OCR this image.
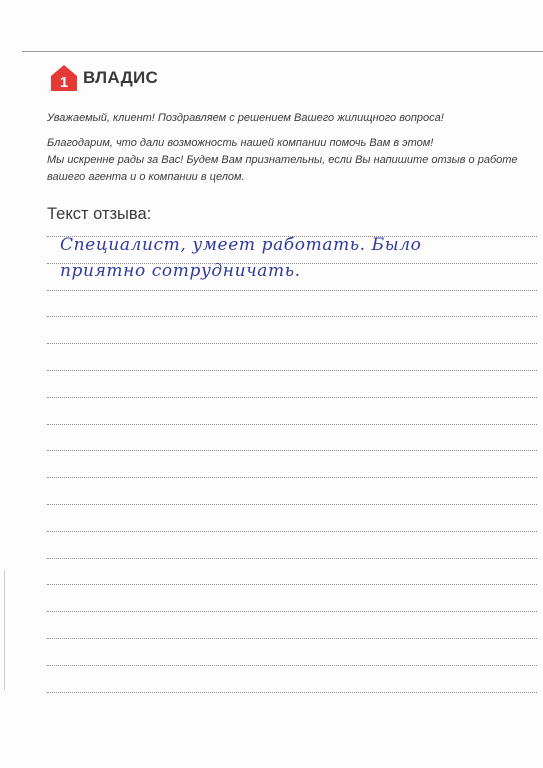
1 ВЛАДИС

Уважаемый, клиент! Поздравляем с решением Вашего жилищного вопроса!

Благодарим, что дали возможность нашей компании помочь Вам в этом!

Мы искренне рады за Вас! Будем Вам признательны, если Вы напишите отзыв о работе

вашего агента и о компании в целом.

Текст отзыва:
Специалист, умеет работать. Было
приятно сотрудничать.
